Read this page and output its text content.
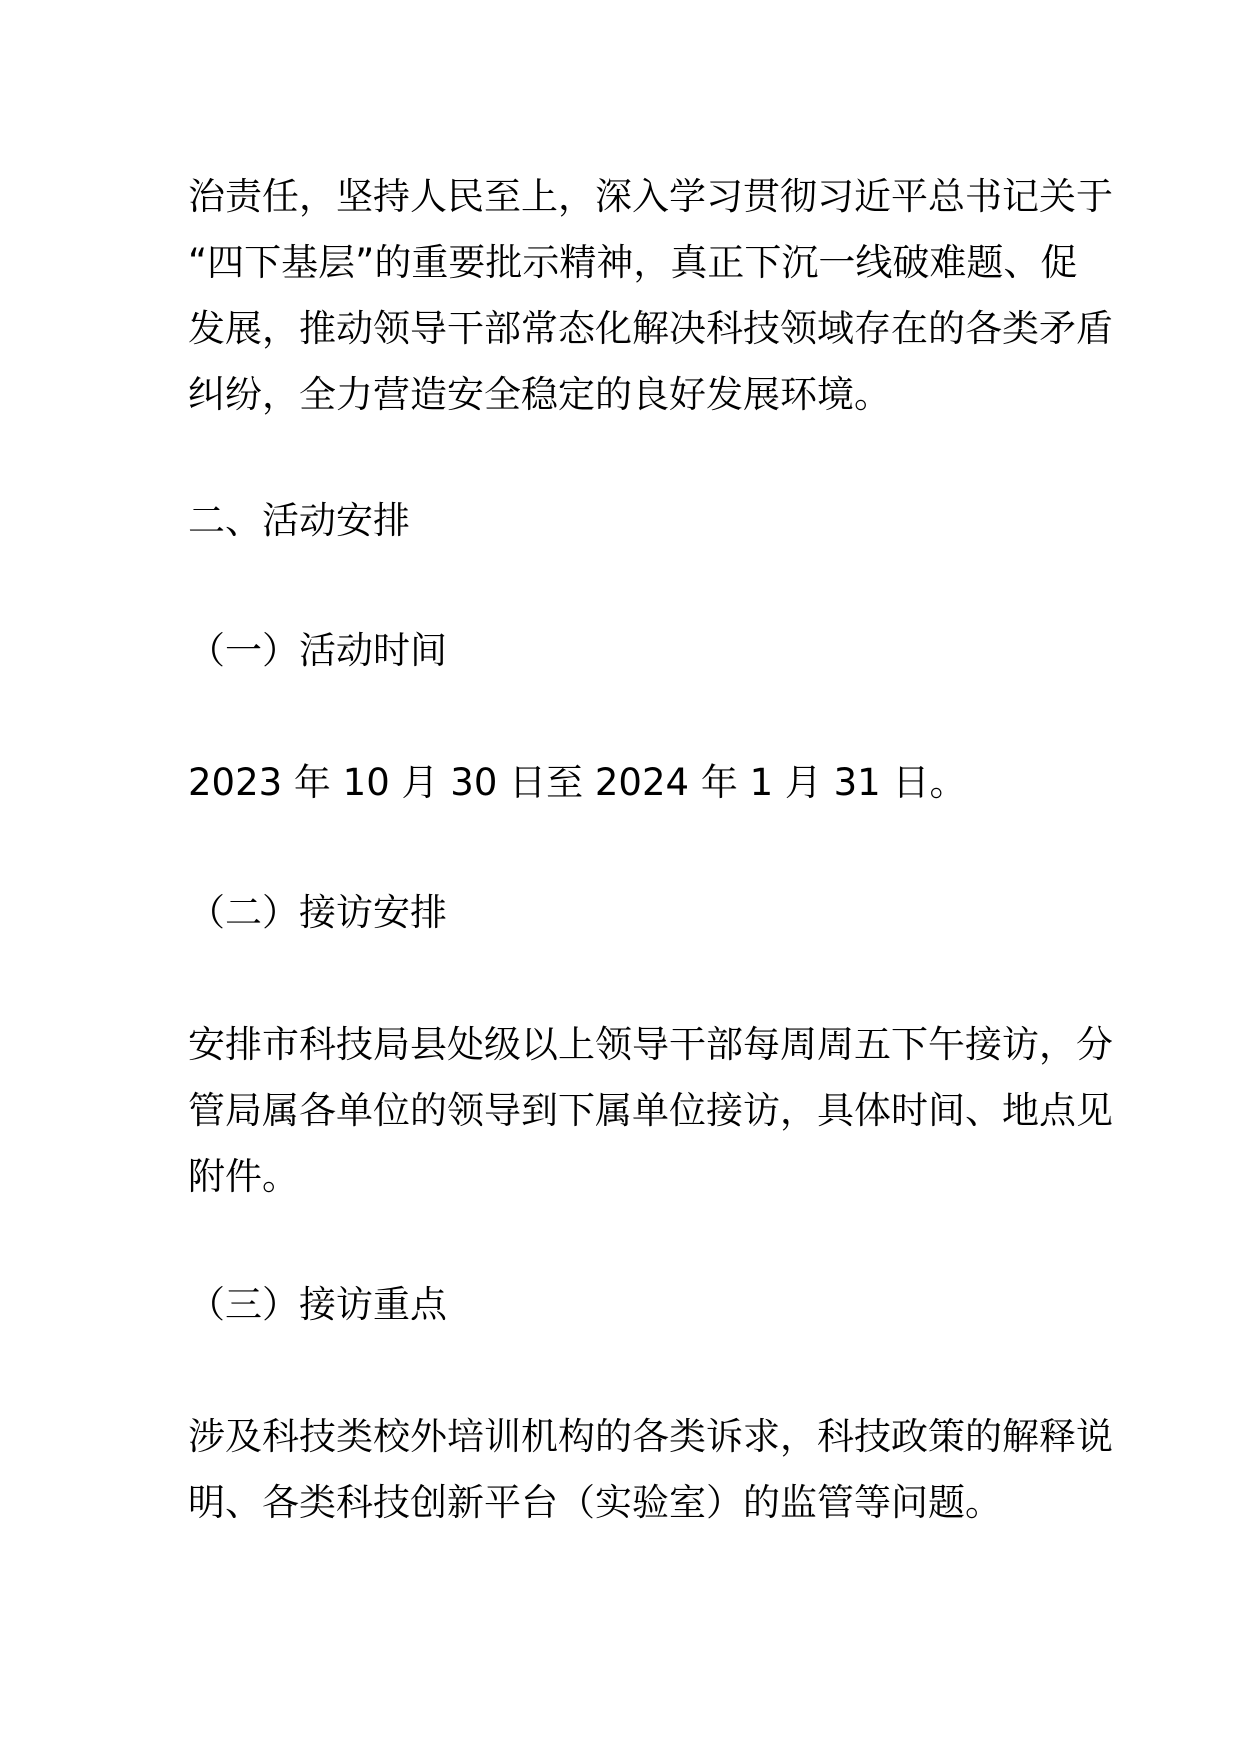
治责任，坚持人民至上，深入学习贯彻习近平总书记关于
“四下基层”的重要批示精神，真正下沉一线破难题、促
发展，推动领导干部常态化解决科技领域存在的各类矛盾
纠纷，全力营造安全稳定的良好发展环境。
二、活动安排
（一）活动时间
2023 年 10 月 30 日至 2024 年 1 月 31 日。
（二）接访安排
安排市科技局县处级以上领导干部每周周五下午接访，分
管局属各单位的领导到下属单位接访，具体时间、地点见
附件。
（三）接访重点
涉及科技类校外培训机构的各类诉求，科技政策的解释说
明、各类科技创新平台（实验室）的监管等问题。
